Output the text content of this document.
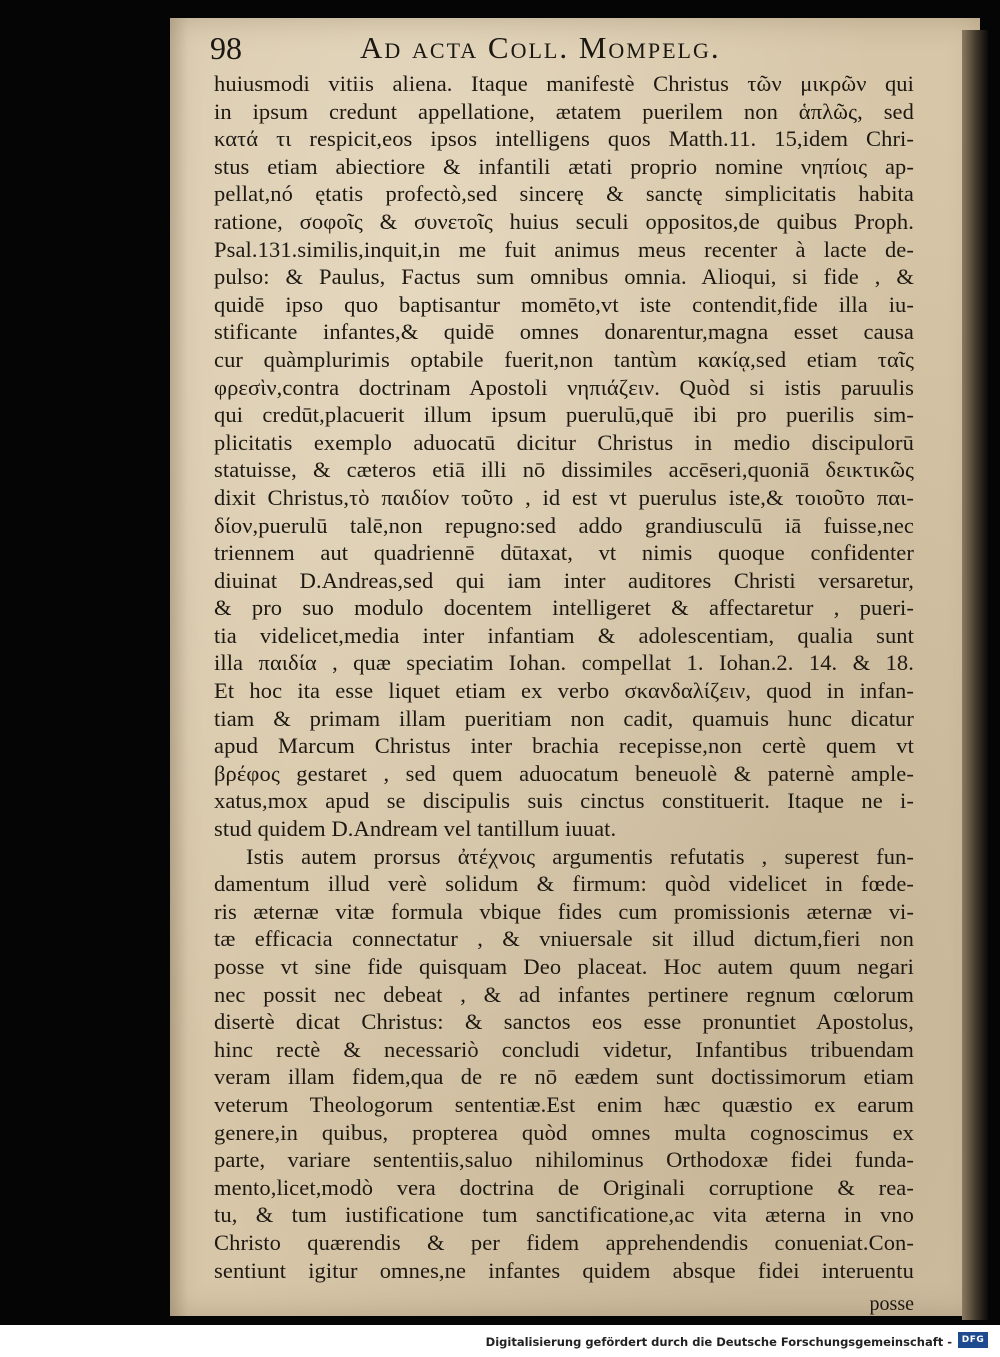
98	Ad acta Coll. Mompelg.
huiusmodi vitiis aliena. Itaque manifestè Christus τῶν μικρῶν qui
in ipsum credunt appellatione, ætatem puerilem non ἁπλῶς, sed
κατά τι respicit,eos ipsos intelligens quos Matth.11. 15,idem Chri-
stus etiam abiectiore & infantili ætati proprio nomine νηπίοις ap-
pellat,nó ętatis profectò,sed sincerę & sanctę simplicitatis habita
ratione, σοφοῖς & συνετοῖς huius seculi oppositos,de quibus Proph.
Psal.131.similis,inquit,in me fuit animus meus recenter à lacte de-
pulso: & Paulus, Factus sum omnibus omnia. Alioqui, si fide , &
quidē ipso quo baptisantur momēto,vt iste contendit,fide illa iu-
stificante infantes,& quidē omnes donarentur,magna esset causa
cur quàmplurimis optabile fuerit,non tantùm κακίᾳ,sed etiam ταῖς
φρεσὶν,contra doctrinam Apostoli νηπιάζειν. Quòd si istis paruulis
qui credūt,placuerit illum ipsum puerulū,quē ibi pro puerilis sim-
plicitatis exemplo aduocatū dicitur Christus in medio discipulorū
statuisse, & cæteros etiā illi nō dissimiles accēseri,quoniā δεικτικῶς
dixit Christus,τὸ παιδίον τοῦτο , id est vt puerulus iste,& τοιοῦτο παι-
δίον,puerulū talē,non repugno:sed addo grandiusculū iā fuisse,nec
triennem aut quadriennē dūtaxat, vt nimis quoque confidenter
diuinat D.Andreas,sed qui iam inter auditores Christi versaretur,
& pro suo modulo docentem intelligeret & affectaretur , pueri-
tia videlicet,media inter infantiam & adolescentiam, qualia sunt
illa παιδία , quæ speciatim Iohan. compellat 1. Iohan.2. 14. & 18.
Et hoc ita esse liquet etiam ex verbo σκανδαλίζειν, quod in infan-
tiam & primam illam pueritiam non cadit, quamuis hunc dicatur
apud Marcum Christus inter brachia recepisse,non certè quem vt
βρέφος gestaret , sed quem aduocatum beneuolè & paternè ample-
xatus,mox apud se discipulis suis cinctus constituerit. Itaque ne i-
stud quidem D.Andream vel tantillum iuuat.
Istis autem prorsus ἀτέχνοις argumentis refutatis , superest fun-
damentum illud verè solidum & firmum: quòd videlicet in fœde-
ris æternæ vitæ formula vbique fides cum promissionis æternæ vi-
tæ efficacia connectatur , & vniuersale sit illud dictum,fieri non
posse vt sine fide quisquam Deo placeat. Hoc autem quum negari
nec possit nec debeat , & ad infantes pertinere regnum cœlorum
disertè dicat Christus: & sanctos eos esse pronuntiet Apostolus,
hinc rectè & necessariò concludi videtur, Infantibus tribuendam
veram illam fidem,qua de re nō eædem sunt doctissimorum etiam
veterum Theologorum sententiæ.Est enim hæc quæstio ex earum
genere,in quibus, propterea quòd omnes multa cognoscimus ex
parte, variare sententiis,saluo nihilominus Orthodoxæ fidei funda-
mento,licet,modò vera doctrina de Originali corruptione & rea-
tu, & tum iustificatione tum sanctificatione,ac vita æterna in vno
Christo quærendis & per fidem apprehendendis conueniat.Con-
sentiunt igitur omnes,ne infantes quidem absque fidei interuentu
posse
Digitalisierung gefördert durch die Deutsche Forschungsgemeinschaft -	DFG
